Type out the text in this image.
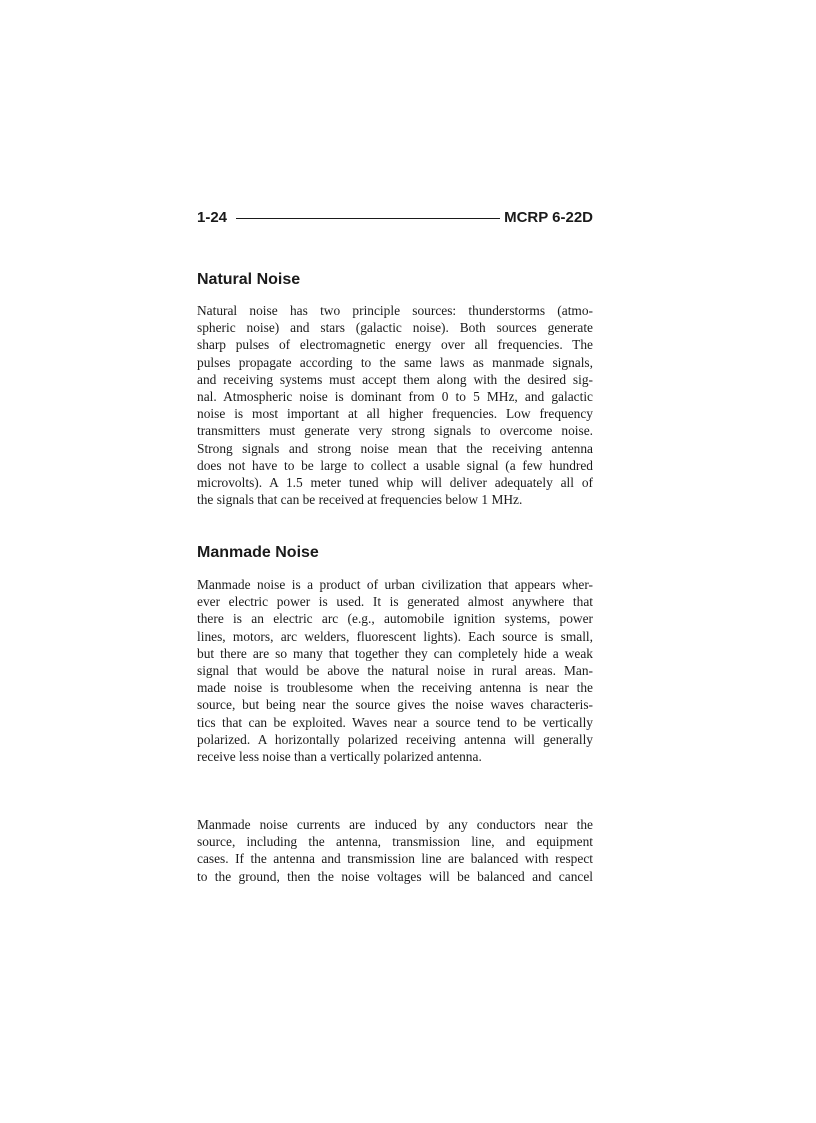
1-24	MCRP 6-22D
Natural Noise
Natural noise has two principle sources: thunderstorms (atmo-
spheric noise) and stars (galactic noise). Both sources generate
sharp pulses of electromagnetic energy over all frequencies. The
pulses propagate according to the same laws as manmade signals,
and receiving systems must accept them along with the desired sig-
nal. Atmospheric noise is dominant from 0 to 5 MHz, and galactic
noise is most important at all higher frequencies. Low frequency
transmitters must generate very strong signals to overcome noise.
Strong signals and strong noise mean that the receiving antenna
does not have to be large to collect a usable signal (a few hundred
microvolts). A 1.5 meter tuned whip will deliver adequately all of
the signals that can be received at frequencies below 1 MHz.
Manmade Noise
Manmade noise is a product of urban civilization that appears wher-
ever electric power is used. It is generated almost anywhere that
there is an electric arc (e.g., automobile ignition systems, power
lines, motors, arc welders, fluorescent lights). Each source is small,
but there are so many that together they can completely hide a weak
signal that would be above the natural noise in rural areas. Man-
made noise is troublesome when the receiving antenna is near the
source, but being near the source gives the noise waves characteris-
tics that can be exploited. Waves near a source tend to be vertically
polarized. A horizontally polarized receiving antenna will generally
receive less noise than a vertically polarized antenna.
Manmade noise currents are induced by any conductors near the
source, including the antenna, transmission line, and equipment
cases. If the antenna and transmission line are balanced with respect
to the ground, then the noise voltages will be balanced and cancel
